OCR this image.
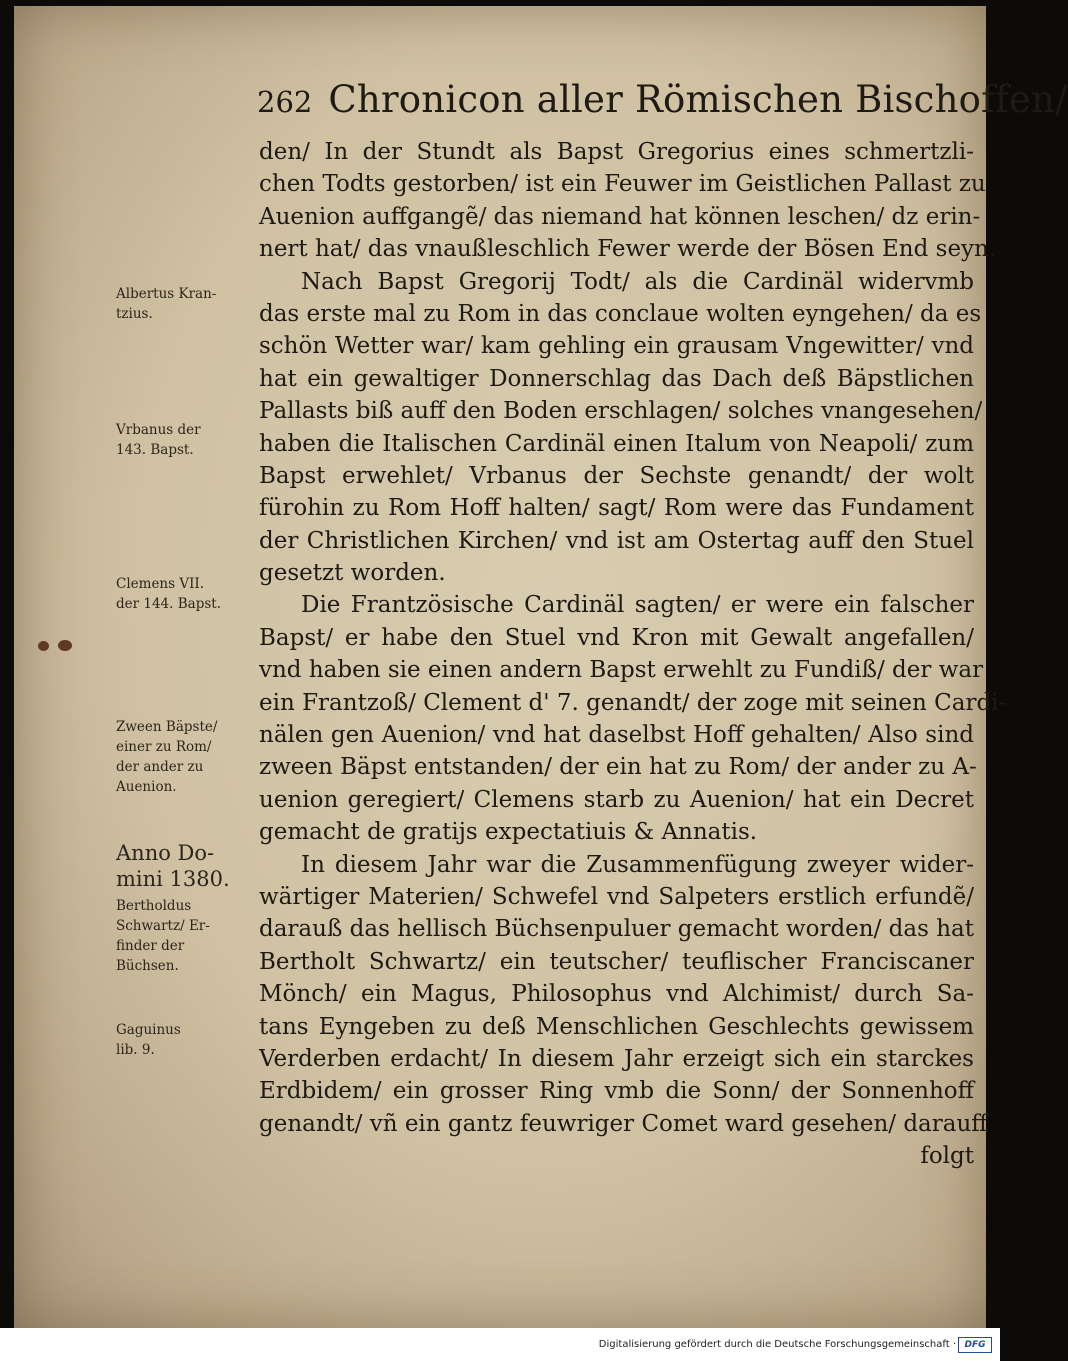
262 Chronicon aller Römischen Bischoffen/
den/ In der Stundt als Bapst Gregorius eines schmertzli-
chen Todts gestorben/ ist ein Feuwer im Geistlichen Pallast zu
Auenion auffgangẽ/ das niemand hat können leschen/ dz erin-
nert hat/ das vnaußleschlich Fewer werde der Bösen End seyn.
Nach Bapst Gregorij Todt/ als die Cardinäl widervmb
das erste mal zu Rom in das conclaue wolten eyngehen/ da es
schön Wetter war/ kam gehling ein grausam Vngewitter/ vnd
hat ein gewaltiger Donnerschlag das Dach deß Bäpstlichen
Pallasts biß auff den Boden erschlagen/ solches vnangesehen/
haben die Italischen Cardinäl einen Italum von Neapoli/ zum
Bapst erwehlet/ Vrbanus der Sechste genandt/ der wolt
fürohin zu Rom Hoff halten/ sagt/ Rom were das Fundament
der Christlichen Kirchen/ vnd ist am Ostertag auff den Stuel
gesetzt worden.
Die Frantzösische Cardinäl sagten/ er were ein falscher
Bapst/ er habe den Stuel vnd Kron mit Gewalt angefallen/
vnd haben sie einen andern Bapst erwehlt zu Fundiß/ der war
ein Frantzoß/ Clement d' 7. genandt/ der zoge mit seinen Cardi-
nälen gen Auenion/ vnd hat daselbst Hoff gehalten/ Also sind
zween Bäpst entstanden/ der ein hat zu Rom/ der ander zu A-
uenion geregiert/ Clemens starb zu Auenion/ hat ein Decret
gemacht de gratijs expectatiuis & Annatis.
In diesem Jahr war die Zusammenfügung zweyer wider-
wärtiger Materien/ Schwefel vnd Salpeters erstlich erfundẽ/
darauß das hellisch Büchsenpuluer gemacht worden/ das hat
Bertholt Schwartz/ ein teutscher/ teuflischer Franciscaner
Mönch/ ein Magus, Philosophus vnd Alchimist/ durch Sa-
tans Eyngeben zu deß Menschlichen Geschlechts gewissem
Verderben erdacht/ In diesem Jahr erzeigt sich ein starckes
Erdbidem/ ein grosser Ring vmb die Sonn/ der Sonnenhoff
genandt/ vñ ein gantz feuwriger Comet ward gesehen/ darauff
folgt
Albertus Kran-
tzius.
Vrbanus der
143. Bapst.
Clemens VII.
der 144. Bapst.
Zween Bäpste/
einer zu Rom/
der ander zu
Auenion.
Anno Do-
mini 1380.
Bertholdus
Schwartz/ Er-
finder der
Büchsen.
Gaguinus
lib. 9.
Digitalisierung gefördert durch die Deutsche Forschungsgemeinschaft · DFG
